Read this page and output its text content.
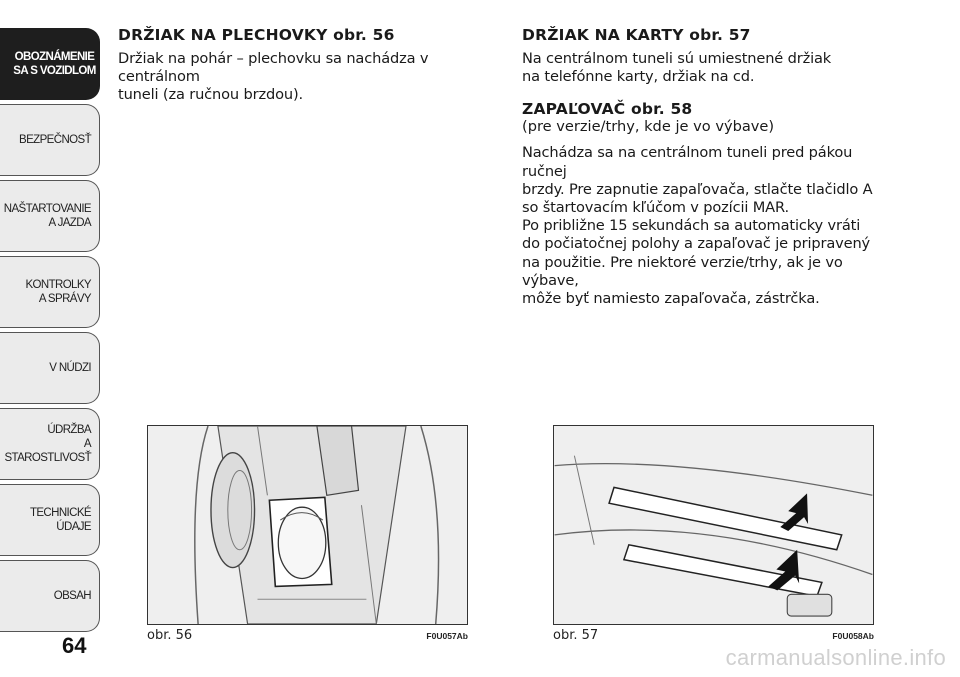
OBOZNÁMENIE
SA S VOZIDLOM
BEZPEČNOSŤ
NAŠTARTOVANIE
A JAZDA
KONTROLKY
A SPRÁVY
V NÚDZI
ÚDRŽBA
A STAROSTLIVOSŤ
TECHNICKÉ
ÚDAJE
OBSAH
64
DRŽIAK NA PLECHOVKY obr. 56

Držiak na pohár – plechovku sa nachádza v centrálnom
tuneli (za ručnou brzdou).

DRŽIAK NA KARTY obr. 57

Na centrálnom tuneli sú umiestnené držiak
na telefónne karty, držiak na cd.

ZAPAĽOVAČ obr. 58
(pre verzie/trhy, kde je vo výbave)

Nachádza sa na centrálnom tuneli pred pákou ručnej
brzdy. Pre zapnutie zapaľovača, stlačte tlačidlo A
so štartovacím kľúčom v pozícii MAR.
Po približne 15 sekundách sa automaticky vráti
do počiatočnej polohy a zapaľovač je pripravený
na použitie. Pre niektoré verzie/trhy, ak je vo výbave,
môže byť namiesto zapaľovača, zástrčka.

obr. 56	F0U057Ab	obr. 57	F0U058Ab
carmanualsonline.info
